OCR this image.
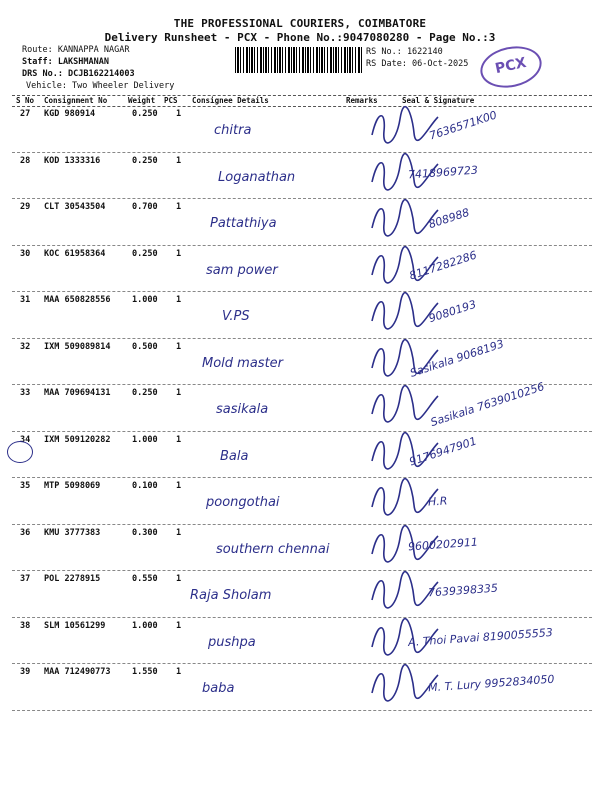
THE PROFESSIONAL COURIERS, COIMBATORE
Delivery Runsheet - PCX - Phone No.:9047080280 - Page No.:3
Route: KANNAPPA NAGAR
Staff: LAKSHMANAN
DRS No.: DCJB162214003
Vehicle: Two Wheeler Delivery
RS No.: 1622140
RS Date: 06-Oct-2025	PCX
S No Consignment No	Weight PCS Consignee Details	Remarks	Seal & Signature
27 KGD 980914	0.250 1
chitra	7636571K00
28 KOD 1333316	0.250 1
Loganathan	7418969723
29 CLT 30543504	0.700 1
Pattathiya	808988
30 KOC 61958364	0.250 1
sam power	8117282286
31 MAA 650828556	1.000 1
V.PS	9080193
32 IXM 509089814	0.500 1
Mold master	Sasikala 9068193
33 MAA 709694131	0.250 1
sasikala	Sasikala 7639010256
34 IXM 509120282	1.000 1
Bala	9176947901
35 MTP 5098069	0.100 1
poongothai	H.R
36 KMU 3777383	0.300 1
southern chennai	9600202911
37 POL 2278915	0.550 1
Raja Sholam	7639398335
38 SLM 10561299	1.000 1
pushpa	A. Thoi Pavai 8190055553
39 MAA 712490773	1.550 1
baba	M. T. Lury 9952834050
